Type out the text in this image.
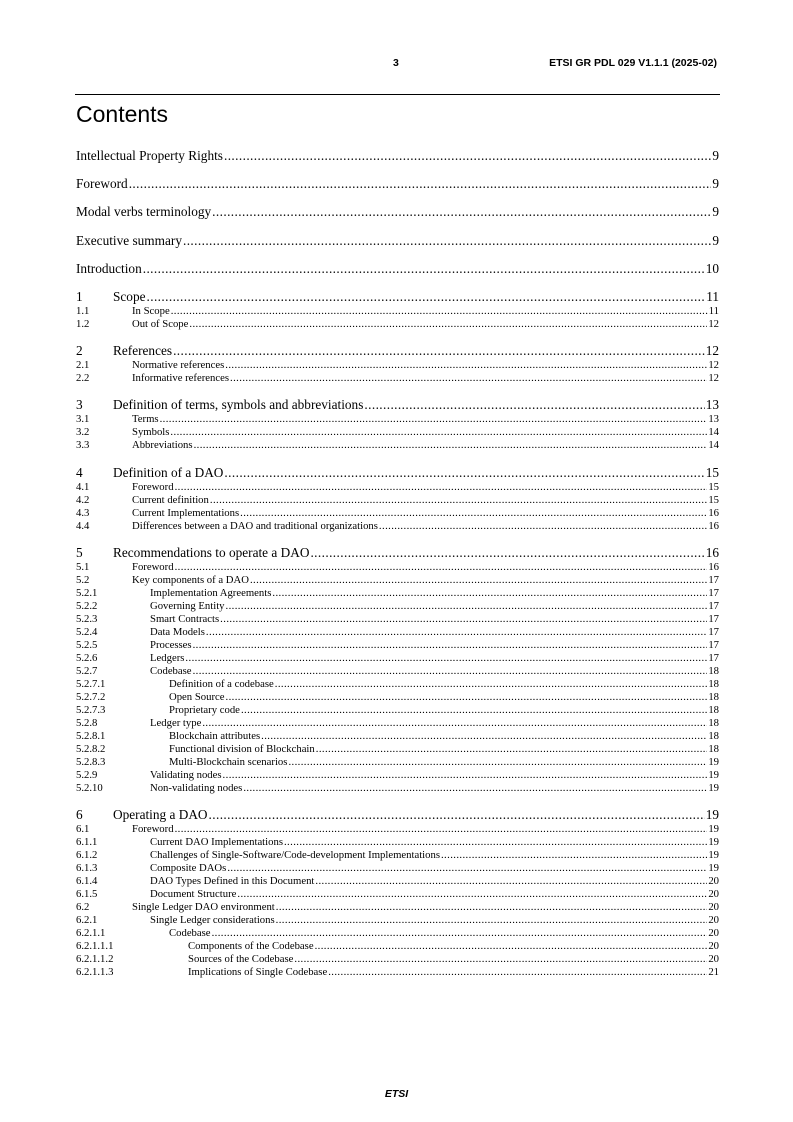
3	ETSI GR PDL 029 V1.1.1 (2025-02)
Contents
Intellectual Property Rights .....	9
Foreword .....	9
Modal verbs terminology .....	9
Executive summary .....	9
Introduction .....	10
1	Scope .....	11
1.1	In Scope .....	11
1.2	Out of Scope .....	12
2	References .....	12
2.1	Normative references .....	12
2.2	Informative references .....	12
3	Definition of terms, symbols and abbreviations .....	13
3.1	Terms .....	13
3.2	Symbols .....	14
3.3	Abbreviations .....	14
4	Definition of a DAO .....	15
4.1	Foreword .....	15
4.2	Current definition .....	15
4.3	Current Implementations .....	16
4.4	Differences between a DAO and traditional organizations .....	16
5	Recommendations to operate a DAO .....	16
5.1	Foreword .....	16
5.2	Key components of a DAO .....	17
5.2.1	Implementation Agreements .....	17
5.2.2	Governing Entity .....	17
5.2.3	Smart Contracts .....	17
5.2.4	Data Models .....	17
5.2.5	Processes .....	17
5.2.6	Ledgers .....	17
5.2.7	Codebase .....	18
5.2.7.1	Definition of a codebase .....	18
5.2.7.2	Open Source .....	18
5.2.7.3	Proprietary code .....	18
5.2.8	Ledger type .....	18
5.2.8.1	Blockchain attributes .....	18
5.2.8.2	Functional division of Blockchain .....	18
5.2.8.3	Multi-Blockchain scenarios .....	19
5.2.9	Validating nodes .....	19
5.2.10	Non-validating nodes .....	19
6	Operating a DAO .....	19
6.1	Foreword .....	19
6.1.1	Current DAO Implementations .....	19
6.1.2	Challenges of Single-Software/Code-development Implementations .....	19
6.1.3	Composite DAOs .....	19
6.1.4	DAO Types Defined in this Document .....	20
6.1.5	Document Structure .....	20
6.2	Single Ledger DAO environment .....	20
6.2.1	Single Ledger considerations .....	20
6.2.1.1	Codebase .....	20
6.2.1.1.1	Components of the Codebase .....	20
6.2.1.1.2	Sources of the Codebase .....	20
6.2.1.1.3	Implications of Single Codebase .....	21
ETSI
